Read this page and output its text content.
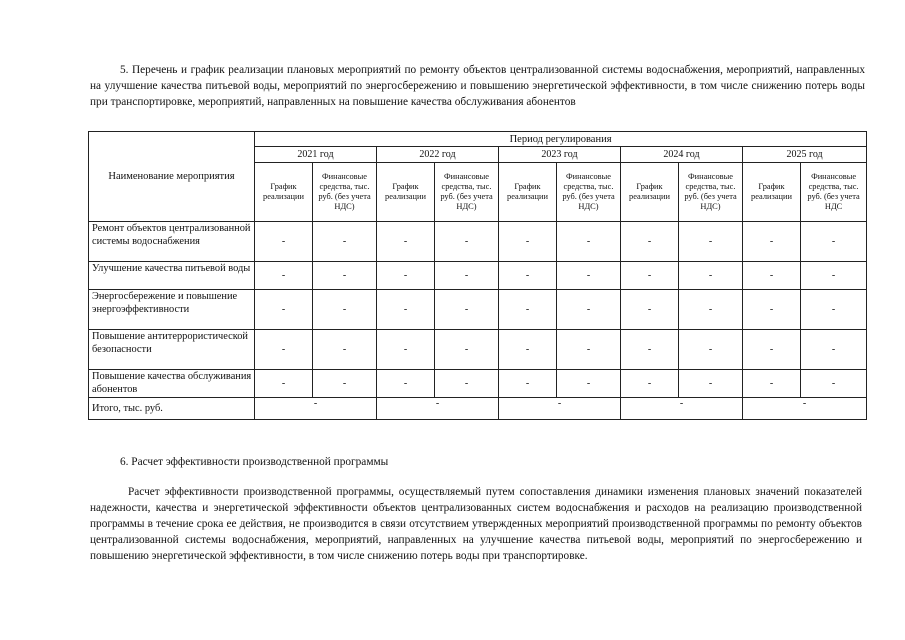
5. Перечень и график реализации плановых мероприятий по ремонту объектов централизованной системы водоснабжения, мероприятий, направленных на улучшение качества питьевой воды, мероприятий по энергосбережению и повышению энергетической эффективности, в том числе снижению потерь воды при транспортировке, мероприятий, направленных на повышение качества обслуживания абонентов
Наименование мероприятия	Период регулирования									
	2021 год		2022 год		2023 год		2024 год		2025 год	
	График реализации	Финансовые средства, тыс. руб. (без учета НДС)	График реализации	Финансовые средства, тыс. руб. (без учета НДС)	График реализации	Финансовые средства, тыс. руб. (без учета НДС)	График реализации	Финансовые средства, тыс. руб. (без учета НДС)	График реализации	Финансовые средства, тыс. руб. (без учета НДС
Ремонт объектов централизованной системы водоснабжения	-	-	-	-	-	-	-	-	-	-
Улучшение качества питьевой воды	-	-	-	-	-	-	-	-	-	-
Энергосбережение и повышение энергоэффективности	-	-	-	-	-	-	-	-	-	-
Повышение антитеррористической безопасности	-	-	-	-	-	-	-	-	-	-
Повышение качества обслуживания абонентов	-	-	-	-	-	-	-	-	-	-
Итого, тыс. руб.	-		-		-		-		-	
6. Расчет эффективности производственной программы
Расчет эффективности производственной программы, осуществляемый путем сопоставления динамики изменения плановых значений показателей надежности, качества и энергетической эффективности объектов централизованных систем водоснабжения и расходов на реализацию производственной программы в течение срока ее действия, не производится в связи отсутствием утвержденных мероприятий производственной программы по ремонту объектов централизованной системы водоснабжения, мероприятий, направленных на улучшение качества питьевой воды, мероприятий по энергосбережению и повышению энергетической эффективности, в том числе снижению потерь воды при транспортировке.
